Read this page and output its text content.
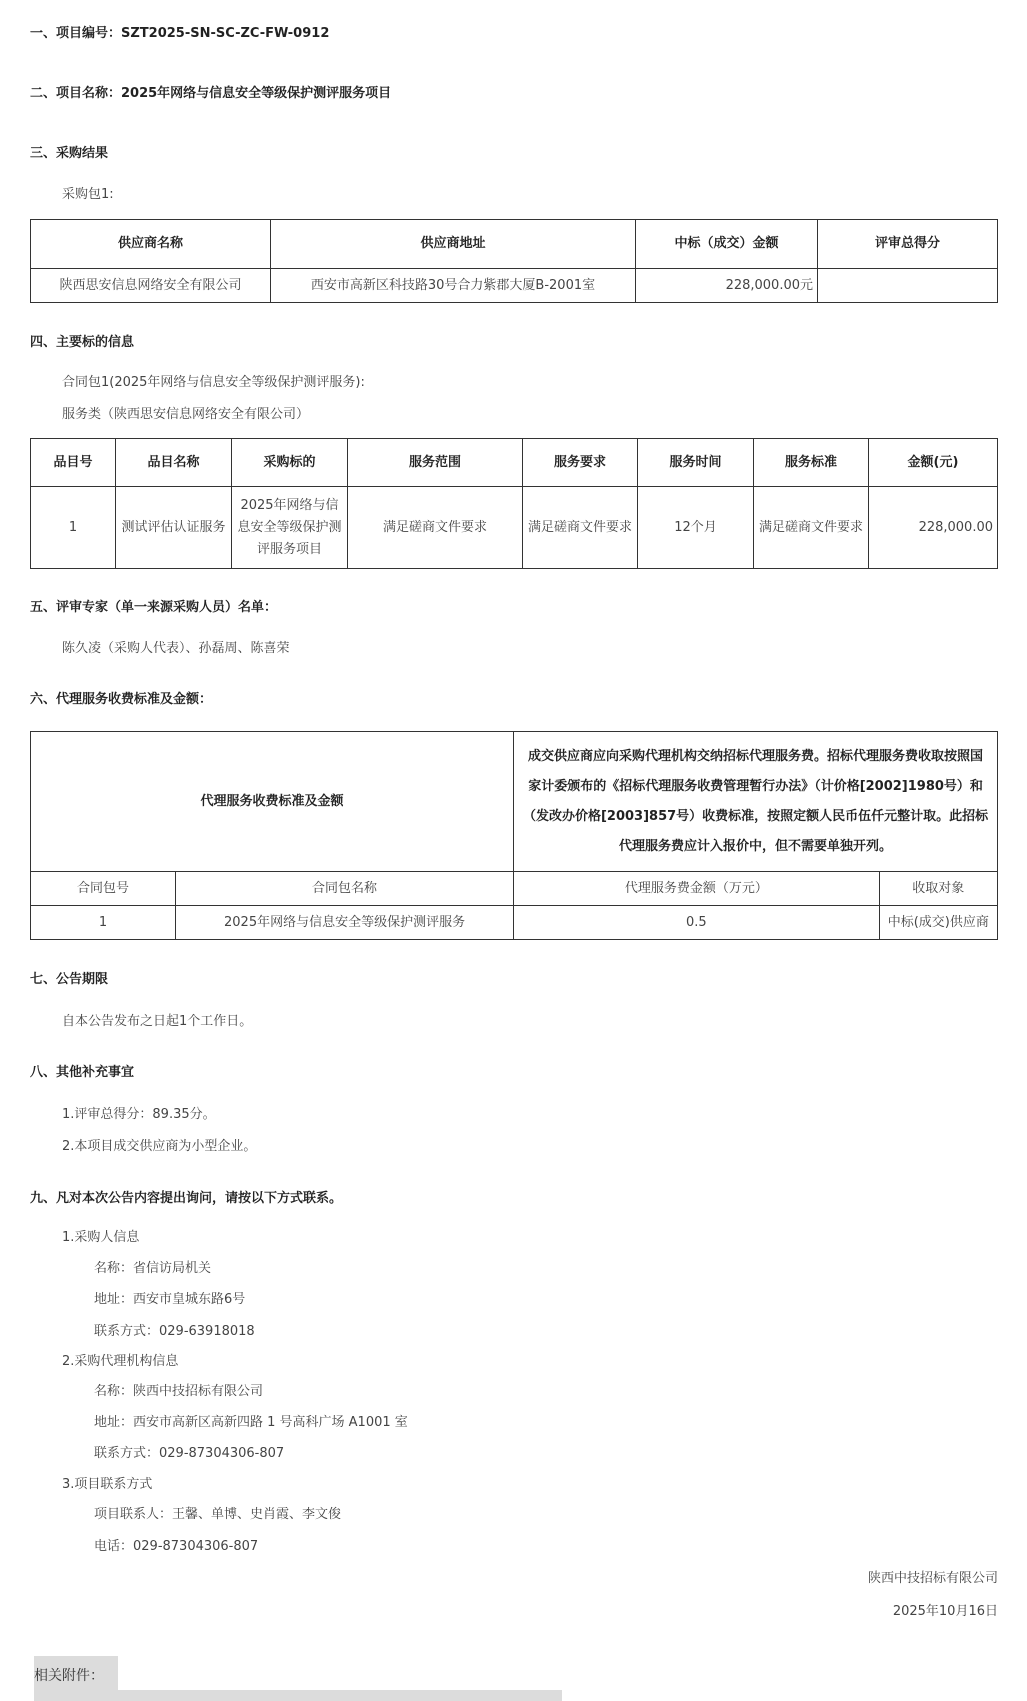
一、项目编号：SZT2025-SN-SC-ZC-FW-0912
二、项目名称：2025年网络与信息安全等级保护测评服务项目
三、采购结果
采购包1:
供应商名称	供应商地址	中标（成交）金额	评审总得分
陕西思安信息网络安全有限公司	西安市高新区科技路30号合力紫郡大厦B-2001室	228,000.00元	
四、主要标的信息
合同包1(2025年网络与信息安全等级保护测评服务):
服务类（陕西思安信息网络安全有限公司）
品目号	品目名称	采购标的	服务范围	服务要求	服务时间	服务标准	金额(元)
1	测试评估认证服务	2025年网络与信息安全等级保护测评服务项目	满足磋商文件要求	满足磋商文件要求	12个月	满足磋商文件要求	228,000.00
五、评审专家（单一来源采购人员）名单：
陈久凌（采购人代表）、孙磊周、陈喜荣
六、代理服务收费标准及金额：
代理服务收费标准及金额		成交供应商应向采购代理机构交纳招标代理服务费。招标代理服务费收取按照国家计委颁布的《招标代理服务收费管理暂行办法》（计价格[2002]1980号）和（发改办价格[2003]857号）收费标准，按照定额人民币伍仟元整计取。此招标代理服务费应计入报价中，但不需要单独开列。	
合同包号	合同包名称	代理服务费金额（万元）	收取对象
1	2025年网络与信息安全等级保护测评服务	0.5	中标(成交)供应商
七、公告期限
自本公告发布之日起1个工作日。
八、其他补充事宜
1.评审总得分：89.35分。
2.本项目成交供应商为小型企业。
九、凡对本次公告内容提出询问，请按以下方式联系。
1.采购人信息
名称：省信访局机关
地址：西安市皇城东路6号
联系方式：029-63918018
2.采购代理机构信息
名称：陕西中技招标有限公司
地址：西安市高新区高新四路 1 号高科广场 A1001 室
联系方式：029-87304306-807
3.项目联系方式
项目联系人：王馨、单博、史肖霞、李文俊
电话：029-87304306-807
陕西中技招标有限公司
2025年10月16日
相关附件：
